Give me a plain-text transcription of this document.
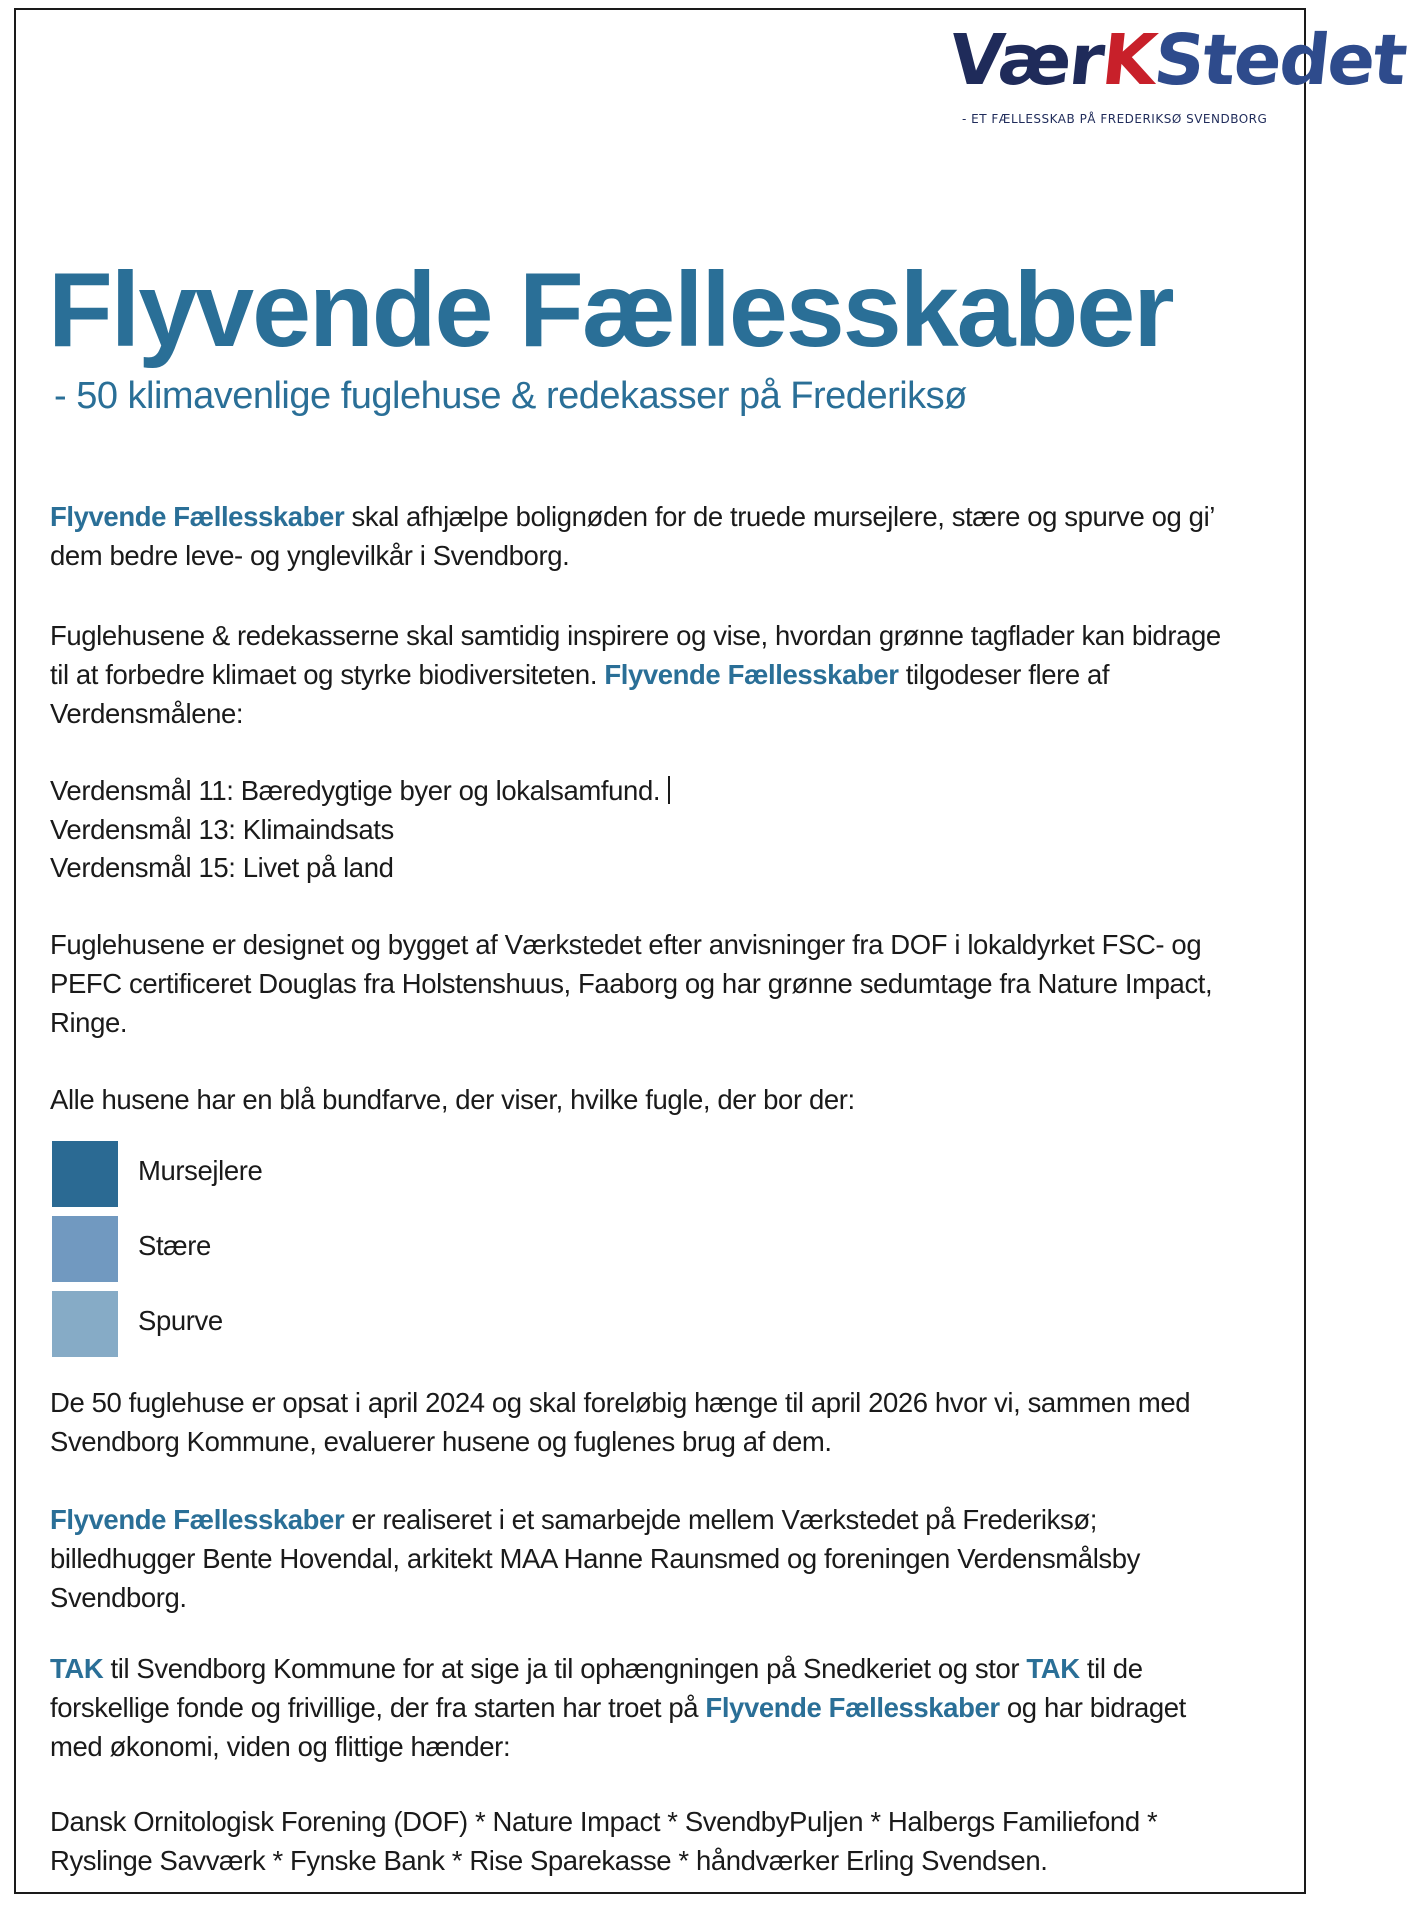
VærKStedet
- ET FÆLLESSKAB PÅ FREDERIKSØ SVENDBORG
Flyvende Fællesskaber
- 50 klimavenlige fuglehuse & redekasser på Frederiksø

Flyvende Fællesskaber skal afhjælpe bolignøden for de truede mursejlere, stære og spurve og gi’ dem bedre leve- og ynglevilkår i Svendborg.

Fuglehusene & redekasserne skal samtidig inspirere og vise, hvordan grønne tagflader kan bidrage til at forbedre klimaet og styrke biodiversiteten. Flyvende Fællesskaber tilgodeser flere af Verdensmålene:

Verdensmål 11: Bæredygtige byer og lokalsamfund.
Verdensmål 13: Klimaindsats
Verdensmål 15: Livet på land

Fuglehusene er designet og bygget af Værkstedet efter anvisninger fra DOF i lokaldyrket FSC- og PEFC certificeret Douglas fra Holstenshuus, Faaborg og har grønne sedumtage fra Nature Impact, Ringe.

Alle husene har en blå bundfarve, der viser, hvilke fugle, der bor der:

Mursejlere
Stære
Spurve

De 50 fuglehuse er opsat i april 2024 og skal foreløbig hænge til april 2026 hvor vi, sammen med Svendborg Kommune, evaluerer husene og fuglenes brug af dem.

Flyvende Fællesskaber er realiseret i et samarbejde mellem Værkstedet på Frederiksø; billedhugger Bente Hovendal, arkitekt MAA Hanne Raunsmed og foreningen Verdensmålsby Svendborg.

TAK til Svendborg Kommune for at sige ja til ophængningen på Snedkeriet og stor TAK til de forskellige fonde og frivillige, der fra starten har troet på Flyvende Fællesskaber og har bidraget med økonomi, viden og flittige hænder:

Dansk Ornitologisk Forening (DOF) * Nature Impact * SvendbyPuljen * Halbergs Familiefond * Ryslinge Savværk * Fynske Bank * Rise Sparekasse * håndværker Erling Svendsen.
